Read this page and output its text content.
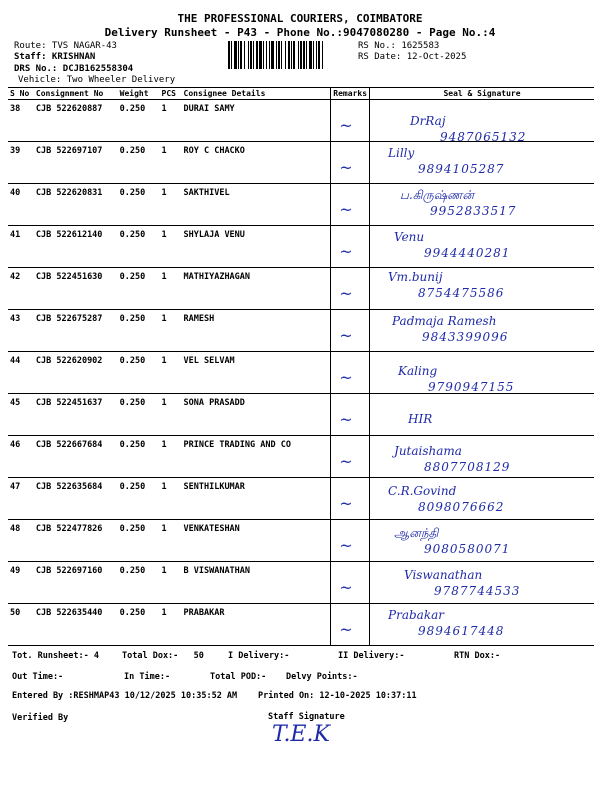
THE PROFESSIONAL COURIERS, COIMBATORE
Delivery Runsheet - P43 - Phone No.:9047080280 - Page No.:4
Route: TVS NAGAR-43
Staff: KRISHNAN
DRS No.: DCJB162558304
Vehicle: Two Wheeler Delivery
RS No.: 1625583
RS Date: 12-Oct-2025
S No	Consignment No	Weight	PCS	Consignee Details	Remarks	Seal & Signature
38	CJB 522620887	0.250	1	DURAI SAMY	~	DrRaj
9487065132

39	CJB 522697107	0.250	1	ROY C CHACKO	~	Lilly
9894105287

40	CJB 522620831	0.250	1	SAKTHIVEL	~	ப.கிருஷ்ணன்
9952833517

41	CJB 522612140	0.250	1	SHYLAJA VENU	~	Venu
9944440281

42	CJB 522451630	0.250	1	MATHIYAZHAGAN	~	Vm.bunij
8754475586

43	CJB 522675287	0.250	1	RAMESH	~	Padmaja Ramesh
9843399096

44	CJB 522620902	0.250	1	VEL SELVAM	~	Kaling
9790947155

45	CJB 522451637	0.250	1	SONA PRASADD	~	HIR

46	CJB 522667684	0.250	1	PRINCE TRADING AND CO	~	Jutaishama
8807708129

47	CJB 522635684	0.250	1	SENTHILKUMAR	~	C.R.Govind
8098076662

48	CJB 522477826	0.250	1	VENKATESHAN	~	ஆனந்தி
9080580071

49	CJB 522697160	0.250	1	B VISWANATHAN	~	Viswanathan
9787744533

50	CJB 522635440	0.250	1	PRABAKAR	~	Prabakar
9894617448
Tot. Runsheet:- 4	Total Dox:-   50	I Delivery:-	II Delivery:-	RTN Dox:-
Out Time:-	In Time:-	Total POD:- Delvy Points:-
Entered By :RESHMAP43 10/12/2025 10:35:52 AM Printed On: 12-10-2025 10:37:11
Verified By	Staff Signature
T.E.K
